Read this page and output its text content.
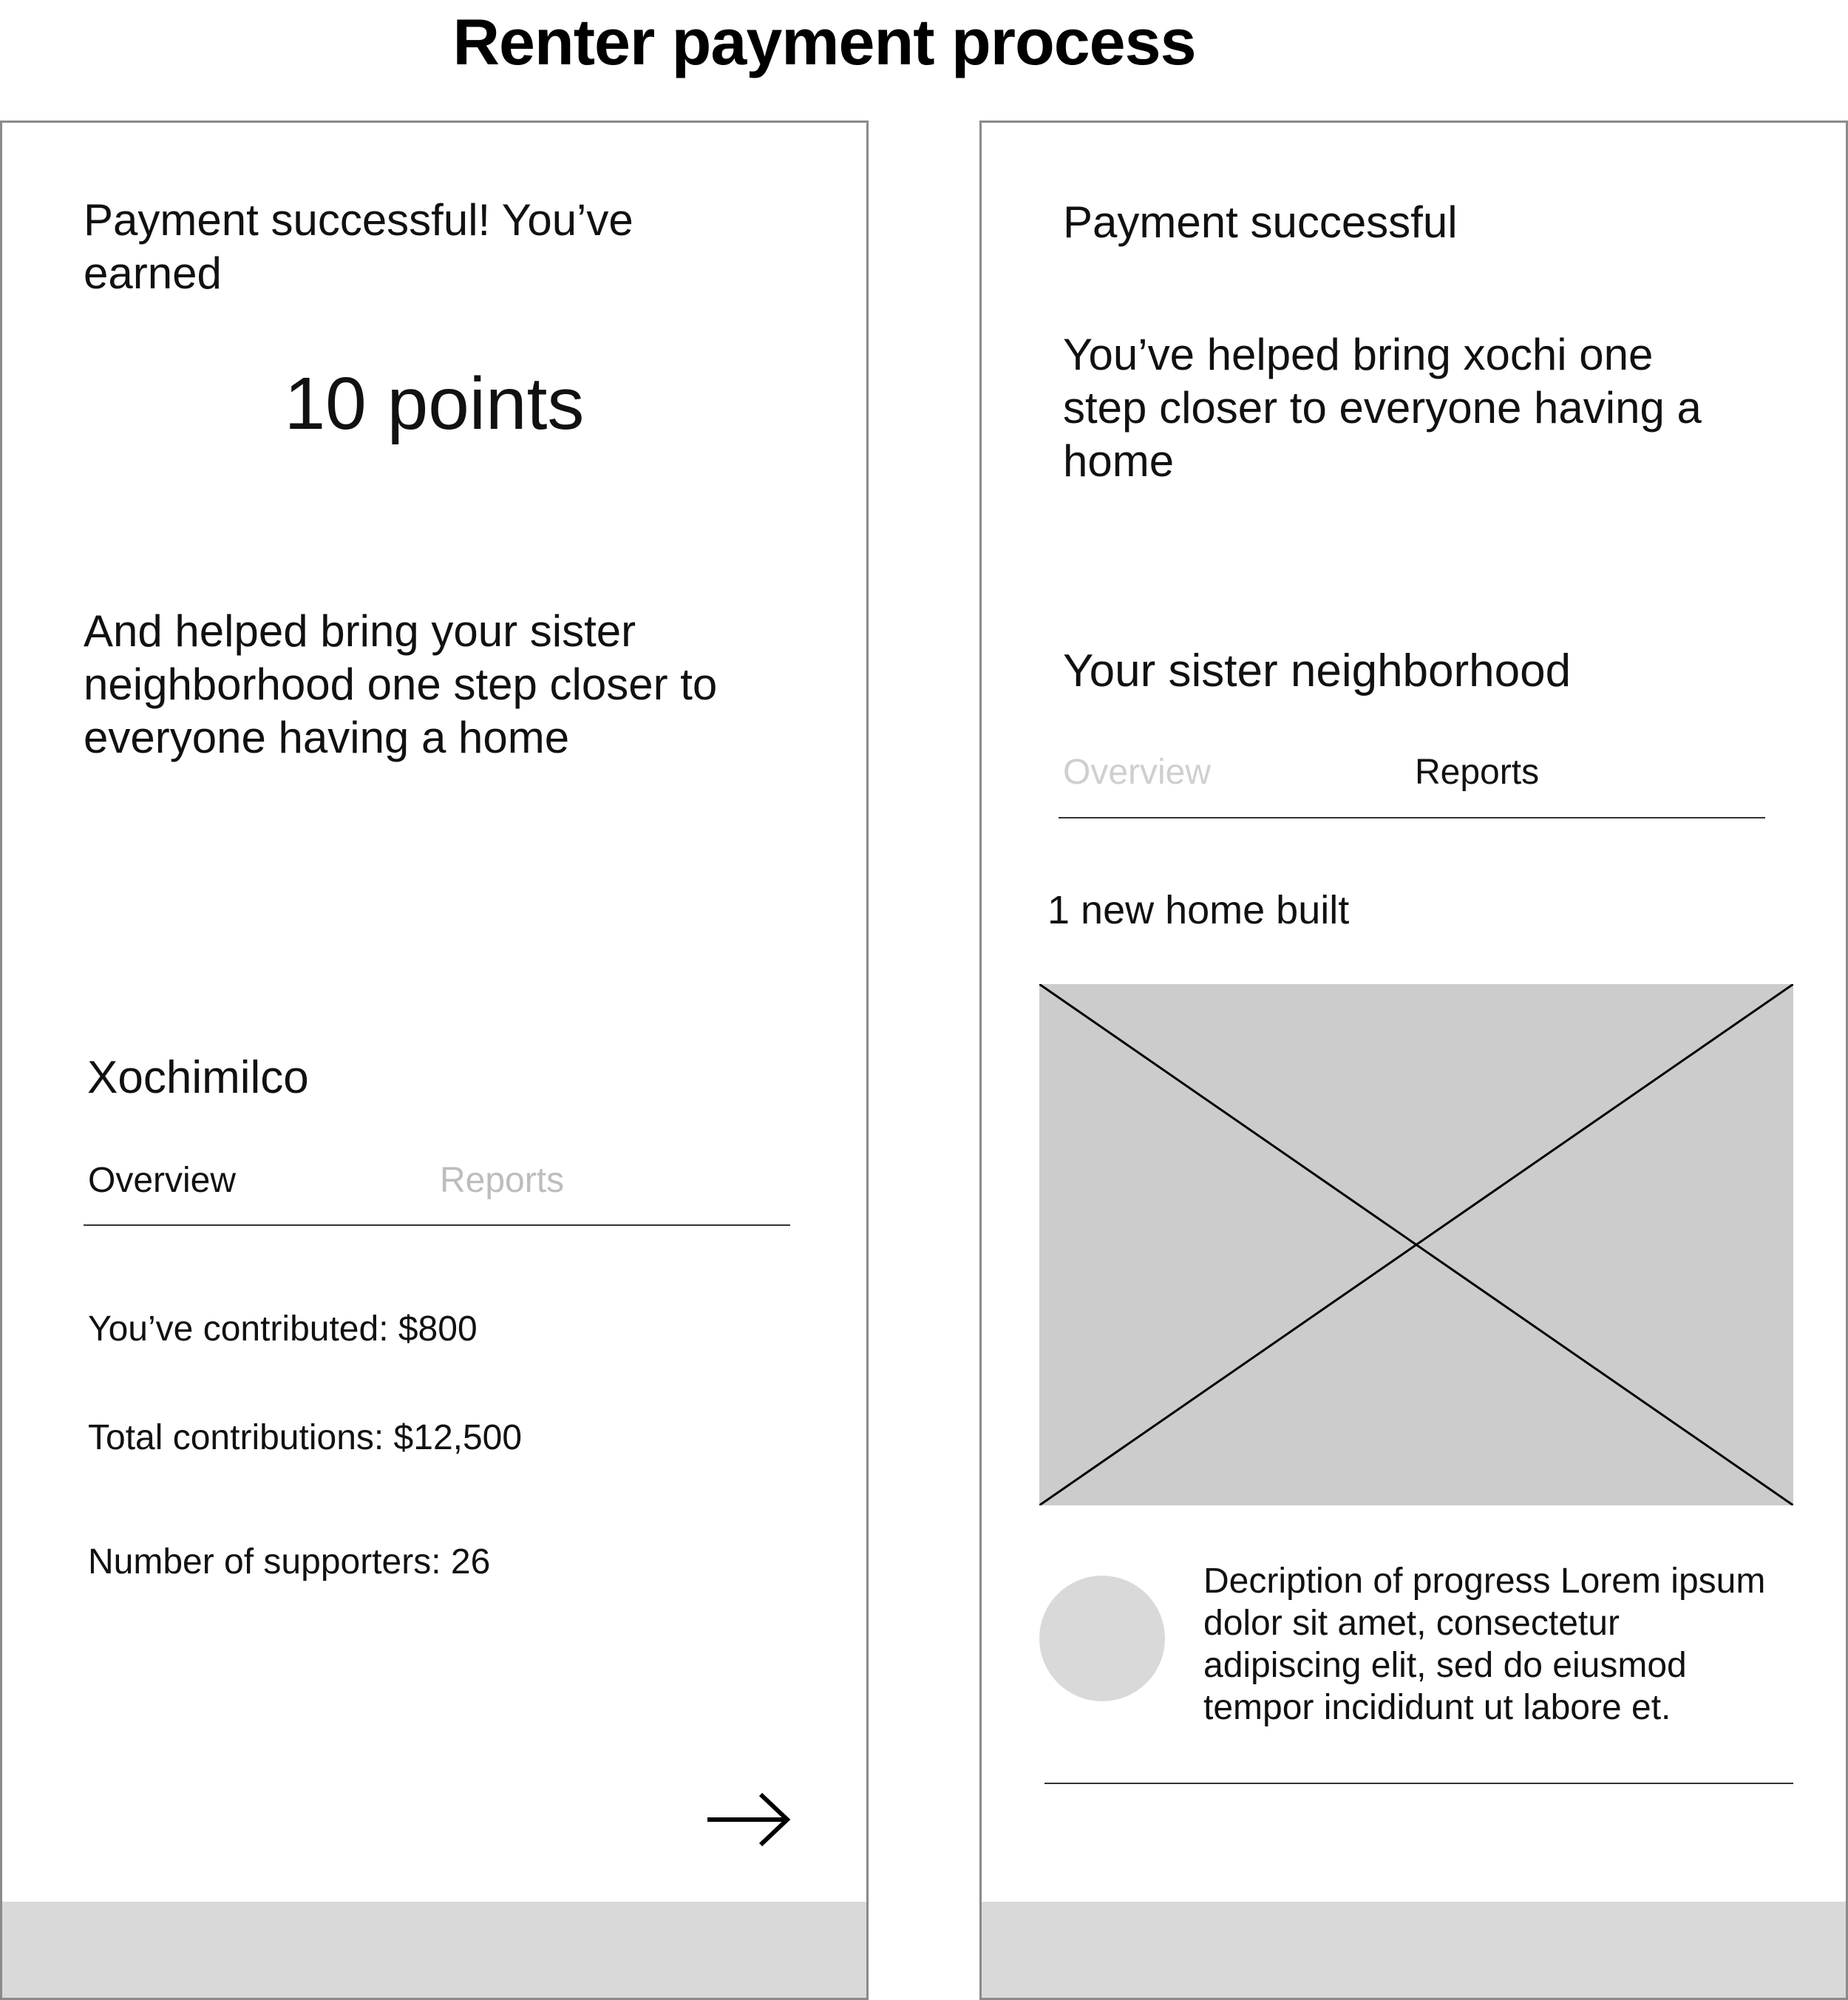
Renter payment process
Payment successful! You’ve earned
10 points
And helped bring your sister neighborhood one step closer to everyone having a home
Xochimilco
Overview	Reports
You’ve contributed: $800
Total contributions: $12,500
Number of supporters: 26
Payment successful
You’ve helped bring xochi one step closer to everyone having a home
Your sister neighborhood
Overview	Reports
1 new home built
Decription of progress Lorem ipsum dolor sit amet, consectetur adipiscing elit, sed do eiusmod tempor incididunt ut labore et.
